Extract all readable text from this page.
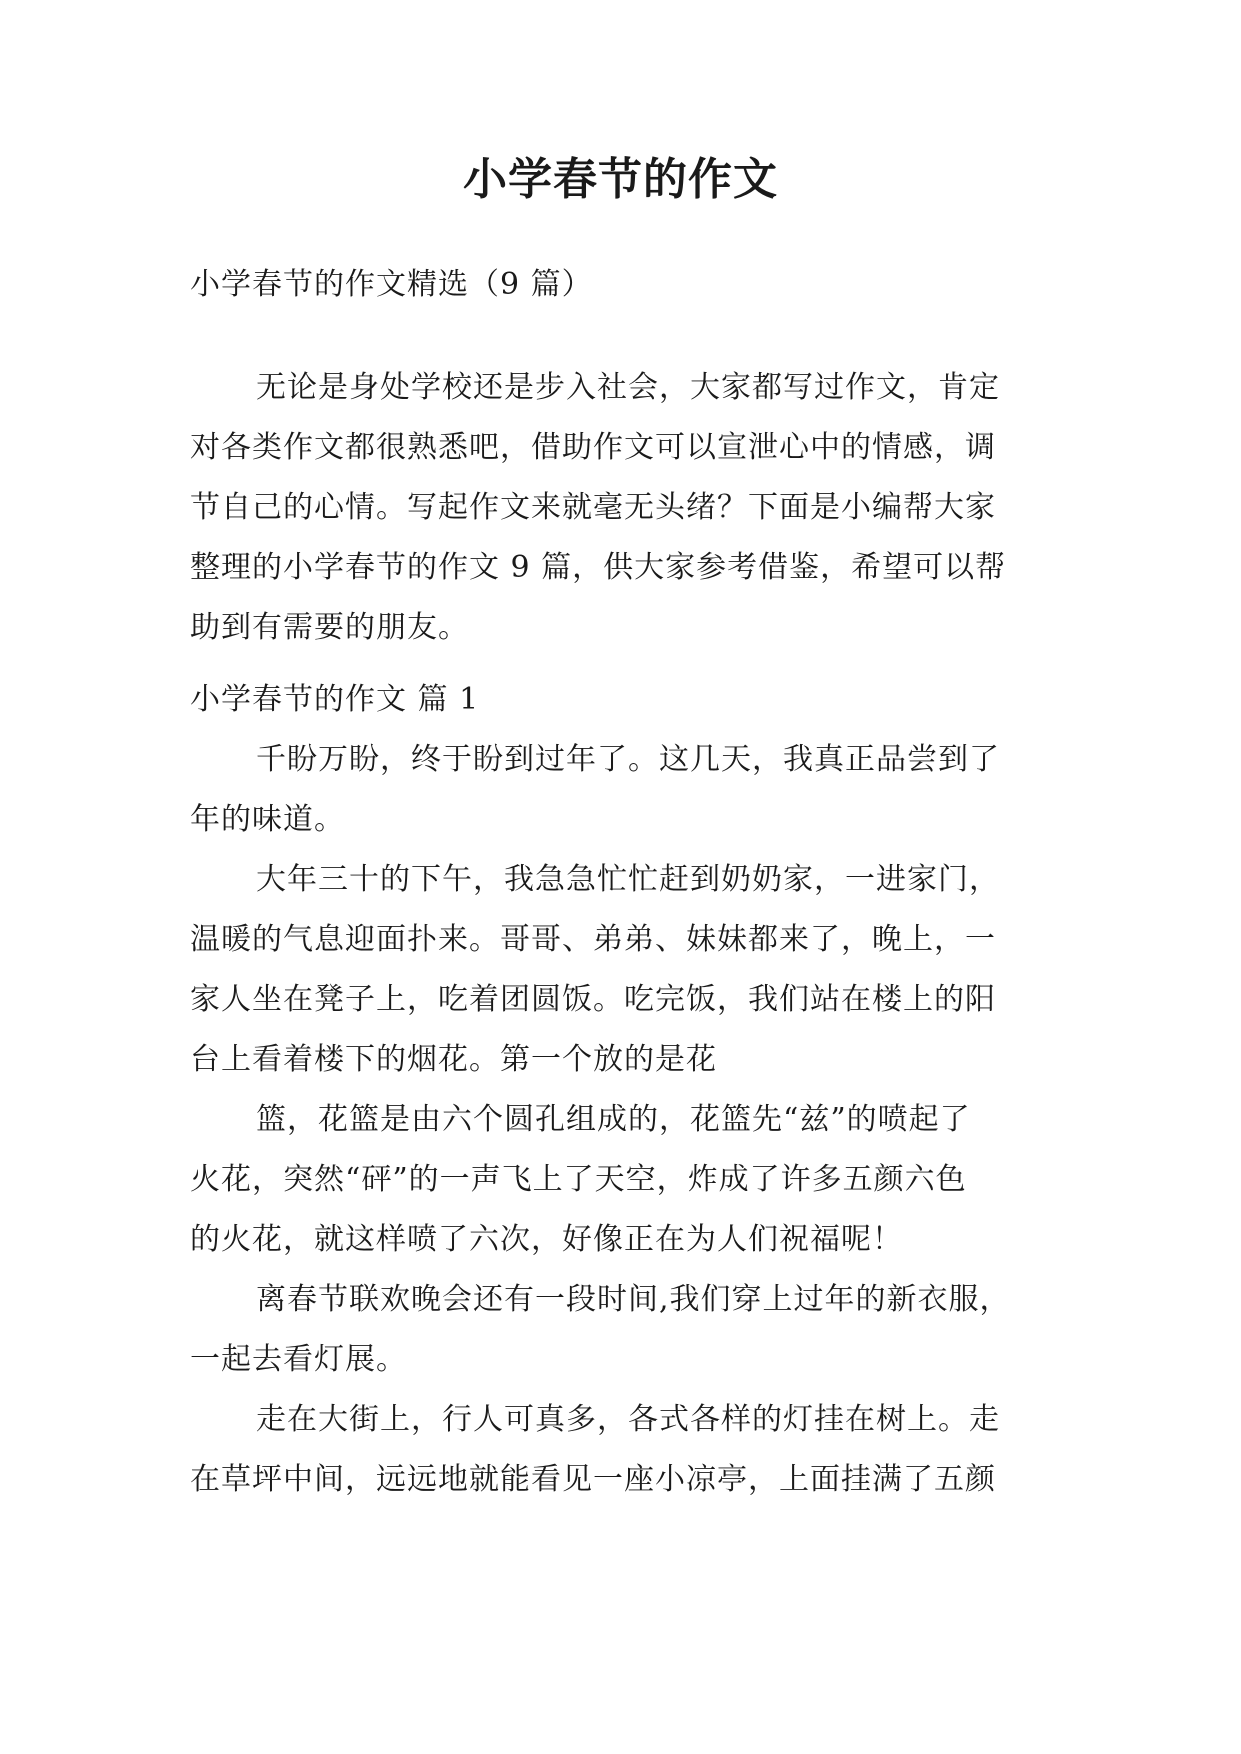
小学春节的作文
小学春节的作文精选（9 篇）
无论是身处学校还是步入社会，大家都写过作文，肯定
对各类作文都很熟悉吧，借助作文可以宣泄心中的情感，调
节自己的心情。写起作文来就毫无头绪？下面是小编帮大家
整理的小学春节的作文 9 篇，供大家参考借鉴，希望可以帮
助到有需要的朋友。
小学春节的作文 篇 1
千盼万盼，终于盼到过年了。这几天，我真正品尝到了
年的味道。
大年三十的下午，我急急忙忙赶到奶奶家，一进家门，
温暖的气息迎面扑来。哥哥、弟弟、妹妹都来了，晚上，一
家人坐在凳子上，吃着团圆饭。吃完饭，我们站在楼上的阳
台上看着楼下的烟花。第一个放的是花
篮，花篮是由六个圆孔组成的，花篮先“兹”的喷起了
火花，突然“砰”的一声飞上了天空，炸成了许多五颜六色
的火花，就这样喷了六次，好像正在为人们祝福呢！
离春节联欢晚会还有一段时间,我们穿上过年的新衣服，
一起去看灯展。
走在大街上，行人可真多，各式各样的灯挂在树上。走
在草坪中间，远远地就能看见一座小凉亭，上面挂满了五颜
